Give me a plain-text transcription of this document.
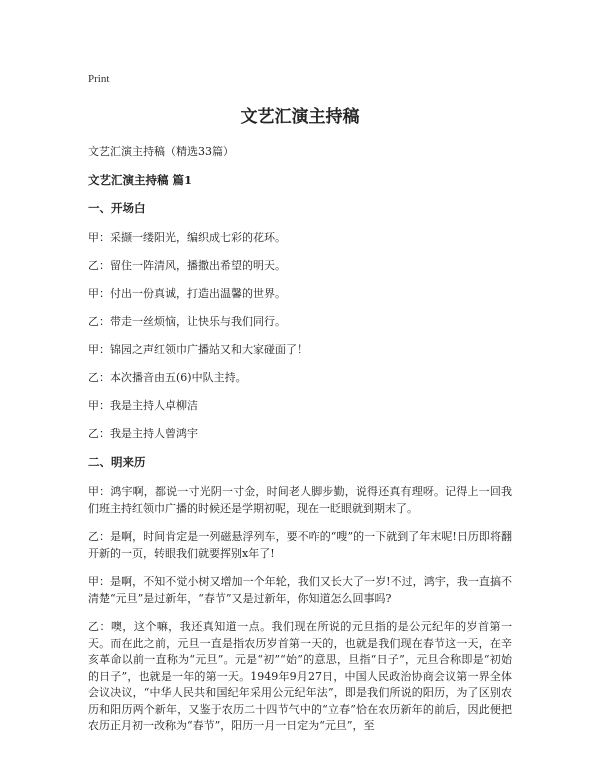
Print
文艺汇演主持稿
文艺汇演主持稿（精选33篇）
文艺汇演主持稿 篇1
一、开场白
甲：采撷一缕阳光，编织成七彩的花环。
乙：留住一阵清风，播撒出希望的明天。
甲：付出一份真诚，打造出温馨的世界。
乙：带走一丝烦恼，让快乐与我们同行。
甲：锦园之声红领巾广播站又和大家碰面了！
乙：本次播音由五(6)中队主持。
甲：我是主持人卓柳洁
乙：我是主持人曾鸿宇
二、明来历
甲：鸿宇啊，都说一寸光阴一寸金，时间老人脚步勤，说得还真有理呀。记得上一回我们班主持红领巾广播的时候还是学期初呢，现在一眨眼就到期末了。
乙：是啊，时间肯定是一列磁悬浮列车，要不咋的“嗖”的一下就到了年末呢!日历即将翻开新的一页，转眼我们就要挥别x年了!
甲：是啊，不知不觉小树又增加一个年轮，我们又长大了一岁!不过，鸿宇，我一直搞不清楚“元旦”是过新年，“春节”又是过新年，你知道怎么回事吗?
乙：噢，这个嘛，我还真知道一点。我们现在所说的元旦指的是公元纪年的岁首第一天。而在此之前，元旦一直是指农历岁首第一天的，也就是我们现在春节这一天，在辛亥革命以前一直称为“元旦”。元是“初”“始”的意思，旦指“日子”，元旦合称即是“初始的日子”，也就是一年的第一天。1949年9月27日，中国人民政治协商会议第一界全体会议决议，“中华人民共和国纪年采用公元纪年法”，即是我们所说的阳历，为了区别农历和阳历两个新年，又鉴于农历二十四节气中的“立春”恰在农历新年的前后，因此便把农历正月初一改称为“春节”，阳历一月一日定为“元旦”，至
